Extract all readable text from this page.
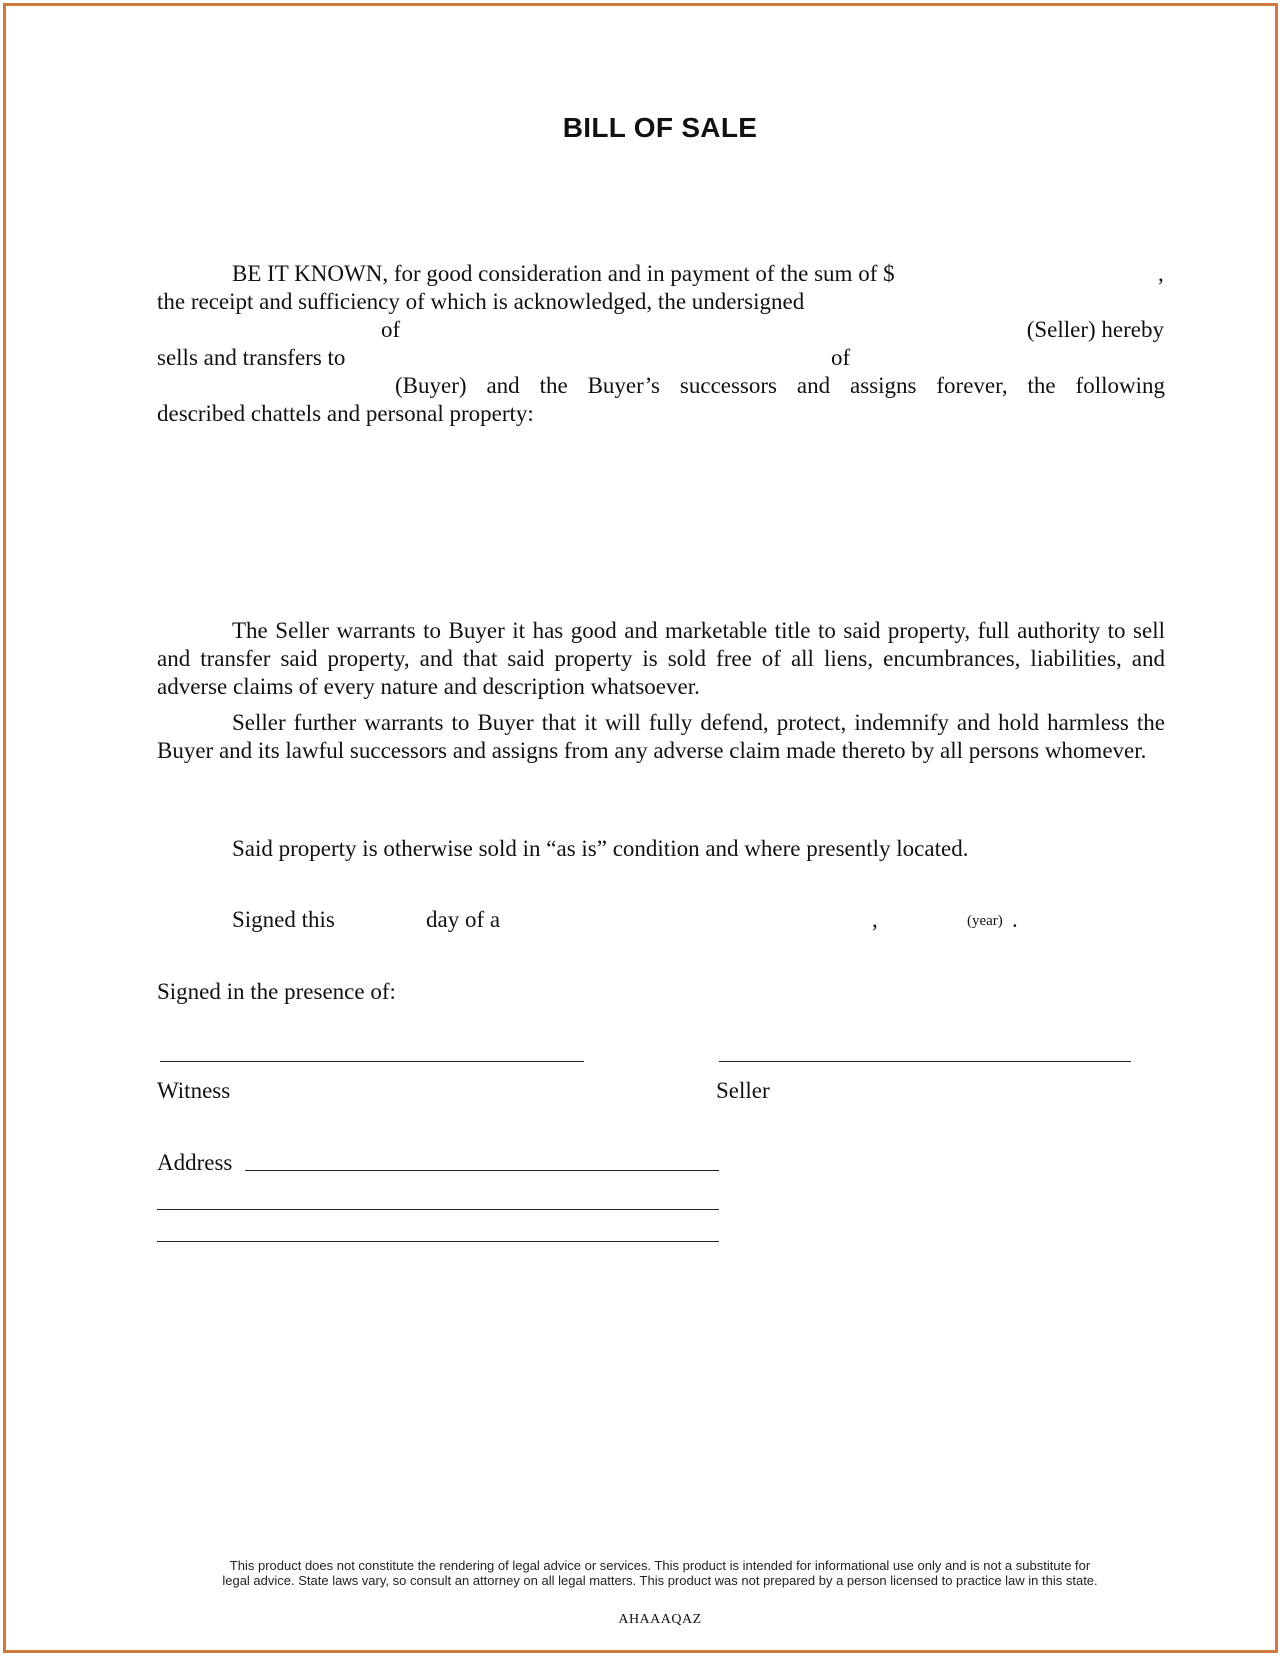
BILL OF SALE
BE IT KNOWN, for good consideration and in payment of the sum of $	,
the receipt and sufficiency of which is acknowledged, the undersigned
of	(Seller) hereby
sells and transfers to	of
(Buyer) and the Buyer’s successors and assigns forever, the following
described chattels and personal property:
The Seller warrants to Buyer it has good and marketable title to said property, full authority to sell and transfer said property, and that said property is sold free of all liens, encumbrances, liabilities, and adverse claims of every nature and description whatsoever.
Seller further warrants to Buyer that it will fully defend, protect, indemnify and hold harmless the Buyer and its lawful successors and assigns from any adverse claim made thereto by all persons whomever.
Said property is otherwise sold in “as is” condition and where presently located.
Signed this	day of a	,	(year) .
Signed in the presence of:
Witness	Seller
Address
This product does not constitute the rendering of legal advice or services. This product is intended for informational use only and is not a substitute for
legal advice. State laws vary, so consult an attorney on all legal matters. This product was not prepared by a person licensed to practice law in this state.
AHAAAQAZ
